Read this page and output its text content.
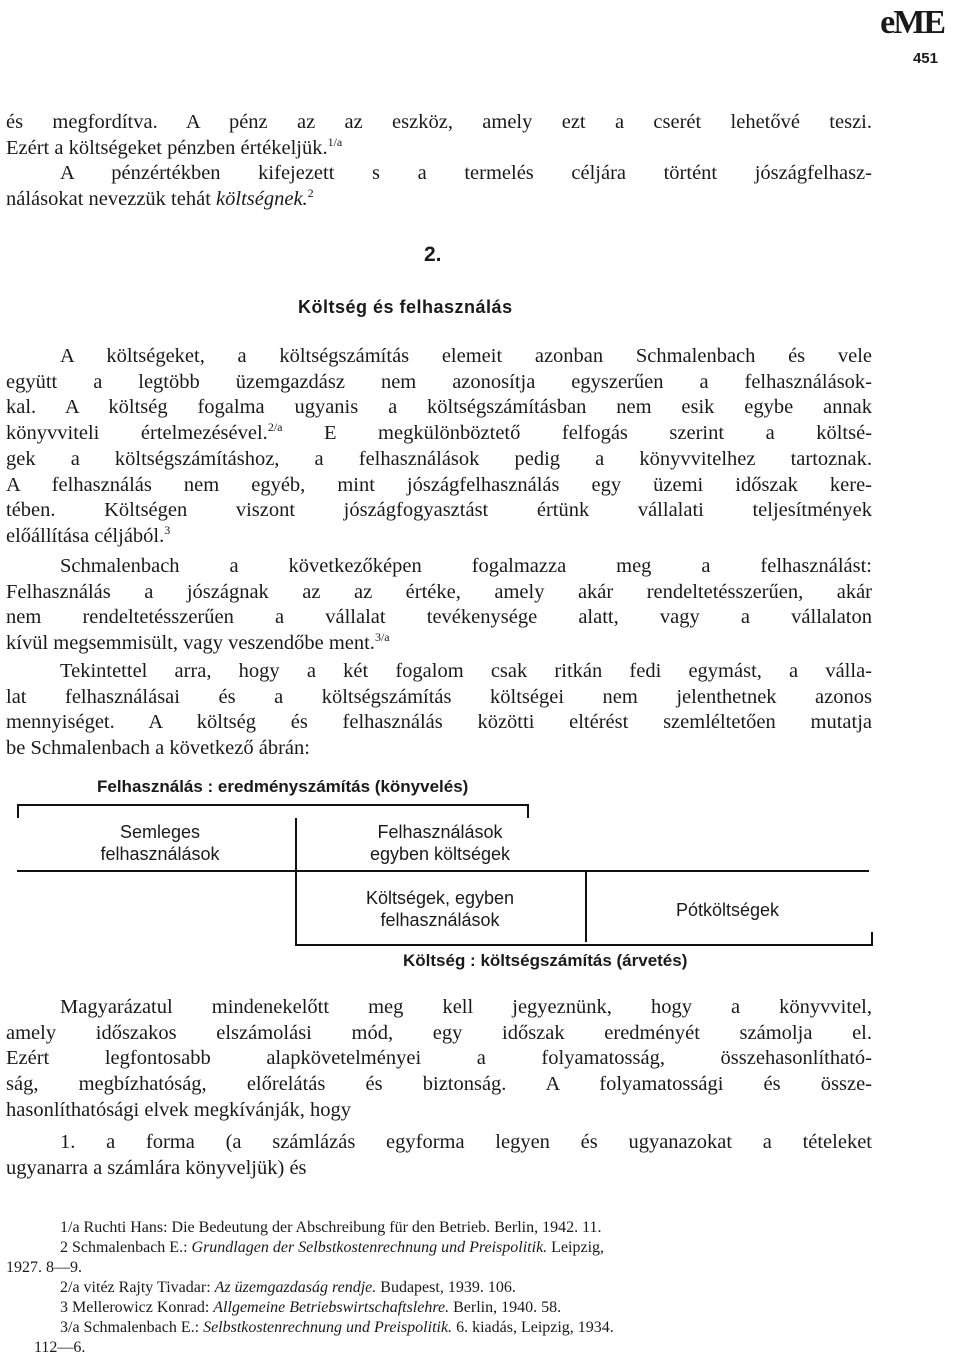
eME
451
és megfordítva. A pénz az az eszköz, amely ezt a cserét lehetővé teszi.
Ezért a költségeket pénzben értékeljük.$^{1/a}$
A pénzértékben kifejezett s a termelés céljára történt jószágfelhasz-
nálásokat nevezzük tehát költségnek.$^2$
2.
Költség és felhasználás
A költségeket, a költségszámítás elemeit azonban Schmalenbach és vele
együtt a legtöbb üzemgazdász nem azonosítja egyszerűen a felhasználások-
kal. A költség fogalma ugyanis a költségszámításban nem esik egybe annak
könyvviteli értelmezésével.$^{2/a}$ E megkülönböztető felfogás szerint a költsé-
gek a költségszámításhoz, a felhasználások pedig a könyvvitelhez tartoznak.
A felhasználás nem egyéb, mint jószágfelhasználás egy üzemi időszak kere-
tében. Költségen viszont jószágfogyasztást értünk vállalati teljesítmények
előállítása céljából.$^3$
Schmalenbach a következőképen fogalmazza meg a felhasználást:
Felhasználás a jószágnak az az értéke, amely akár rendeltetésszerűen, akár
nem rendeltetésszerűen a vállalat tevékenysége alatt, vagy a vállalaton
kívül megsemmisült, vagy veszendőbe ment.$^{3/a}$
Tekintettel arra, hogy a két fogalom csak ritkán fedi egymást, a válla-
lat felhasználásai és a költségszámítás költségei nem jelenthetnek azonos
mennyiséget. A költség és felhasználás közötti eltérést szemléltetően mutatja
be Schmalenbach a következő ábrán:
Felhasználás : eredményszámítás (könyvelés)
Semleges
felhasználások
Felhasználások
egyben költségek
Költségek, egyben
felhasználások	Pótköltségek
Költség : költségszámítás (árvetés)
Magyarázatul mindenekelőtt meg kell jegyeznünk, hogy a könyvvitel,
amely időszakos elszámolási mód, egy időszak eredményét számolja el.
Ezért legfontosabb alapkövetelményei a folyamatosság, összehasonlítható-
ság, megbízhatóság, előrelátás és biztonság. A folyamatossági és össze-
hasonlíthatósági elvek megkívánják, hogy
1. a forma (a számlázás egyforma legyen és ugyanazokat a tételeket
ugyanarra a számlára könyveljük) és
1/a Ruchti Hans: Die Bedeutung der Abschreibung für den Betrieb. Berlin, 1942. 11.
2 Schmalenbach E.: Grundlagen der Selbstkostenrechnung und Preispolitik. Leipzig,
1927. 8—9.
2/a vitéz Rajty Tivadar: Az üzemgazdaság rendje. Budapest, 1939. 106.
3 Mellerowicz Konrad: Allgemeine Betriebswirtschaftslehre. Berlin, 1940. 58.
3/a Schmalenbach E.: Selbstkostenrechnung und Preispolitik. 6. kiadás, Leipzig, 1934.
112—6.
